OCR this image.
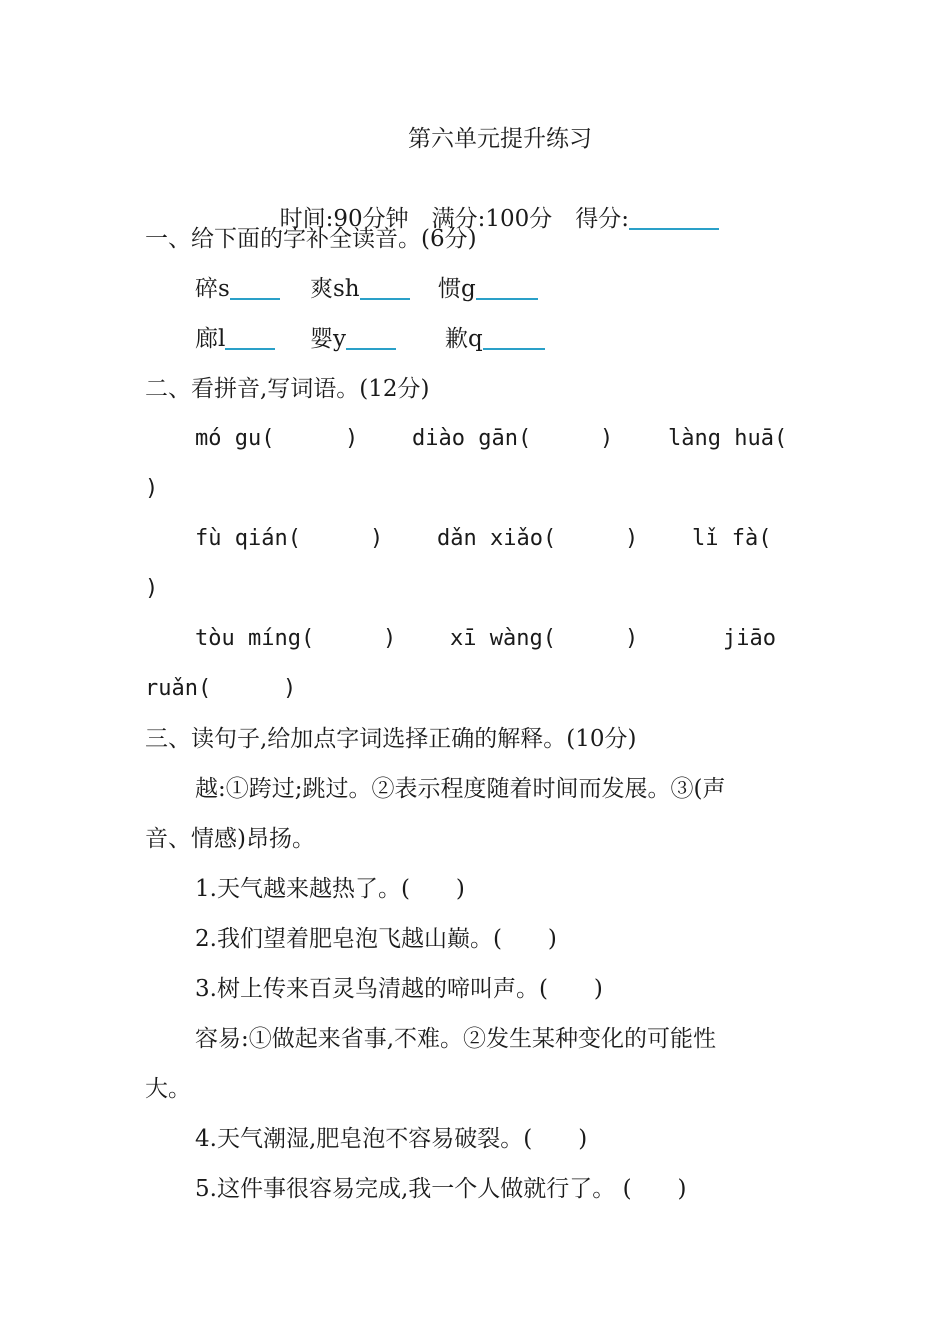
第六单元提升练习

时间:90分钟　 满分:100分　 得分:

一、给下面的字补全读音。(6分)

碎s

	爽sh

	惯g

廊l

	婴y

	歉q

二、看拼音,写词语。(12分)

mó gu(

	)

diào gān(

	)

làng huā(

)

fù qián(

	)

dǎn xiǎo(

	)

lǐ fà(

)

tòu míng(

	)

xī wàng(

	)

	jiāo

ruǎn(

	)

三、读句子,给加点字词选择正确的解释。(10分)
越:①跨过;跳过。②表示程度随着时间而发展。③(声
音、情感)昂扬。
1.天气越来越热了。(　　)
2.我们望着肥皂泡飞越山巅。(　　)
3.树上传来百灵鸟清越的啼叫声。(　　)
容易:①做起来省事,不难。②发生某种变化的可能性
大。
4.天气潮湿,肥皂泡不容易破裂。(　　)
5.这件事很容易完成,我一个人做就行了。 (　　)
